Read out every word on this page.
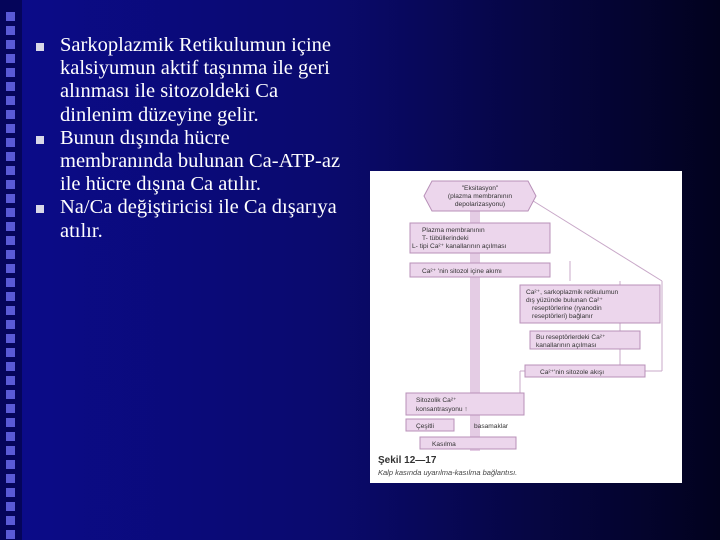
Sarkoplazmik Retikulumun içine kalsiyumun aktif taşınma ile geri alınması ile sitozoldeki Ca dinlenim düzeyine gelir.
Bunun dışında hücre membranında bulunan Ca-ATP-az ile hücre dışına Ca atılır.
Na/Ca değiştiricisi ile Ca dışarıya atılır.
"Eksitasyon"
(plazma membranının
depolarizasyonu)
Plazma membranının
T- tübüllerindeki
L- tipi Ca²⁺ kanallarının açılması
Ca²⁺ 'nin sitozol içine akımı
Ca²⁺, sarkoplazmik retikulumun
dış yüzünde bulunan Ca²⁺
reseptörlerine (ryanodin
reseptörleri) bağlanır
Bu reseptörlerdeki Ca²⁺
kanallarının açılması
Ca²⁺'nin sitozole akışı
Sitozolik Ca²⁺
konsantrasyonu ↑
Çeşitli	basamaklar
Kasılma
Şekil 12—17
Kalp kasında uyarılma-kasılma bağlantısı.
